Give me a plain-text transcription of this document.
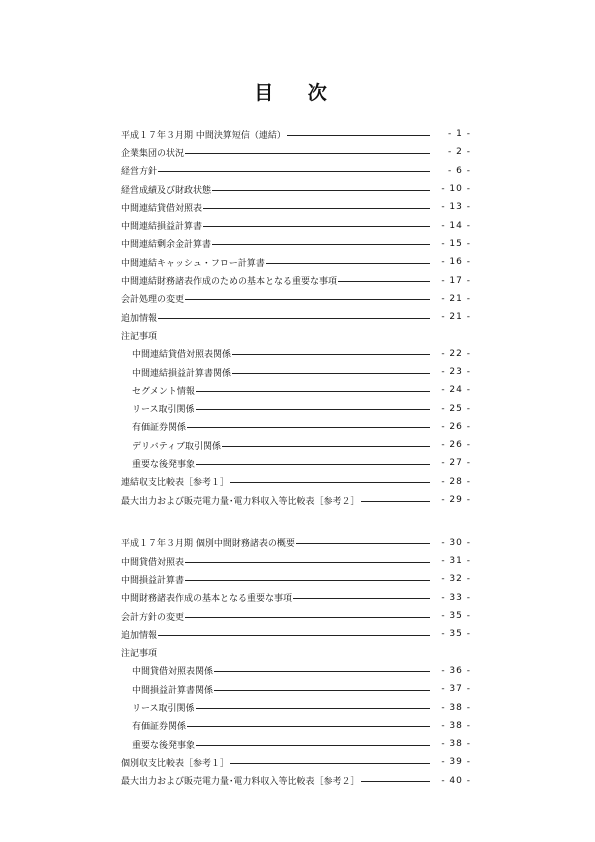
目 次
平成１７年３月期 中間決算短信（連結）	- 1 -
企業集団の状況	- 2 -
経営方針	- 6 -
経営成績及び財政状態	- 10 -
中間連結貸借対照表	- 13 -
中間連結損益計算書	- 14 -
中間連結剰余金計算書	- 15 -
中間連結キャッシュ・フロー計算書	- 16 -
中間連結財務諸表作成のための基本となる重要な事項	- 17 -
会計処理の変更	- 21 -
追加情報	- 21 -
注記事項
中間連結貸借対照表関係	- 22 -
中間連結損益計算書関係	- 23 -
セグメント情報	- 24 -
リース取引関係	- 25 -
有価証券関係	- 26 -
デリバティブ取引関係	- 26 -
重要な後発事象	- 27 -
連結収支比較表［参考１］	- 28 -
最大出力および販売電力量･電力料収入等比較表［参考２］	- 29 -
平成１７年３月期 個別中間財務諸表の概要	- 30 -
中間貸借対照表	- 31 -
中間損益計算書	- 32 -
中間財務諸表作成の基本となる重要な事項	- 33 -
会計方針の変更	- 35 -
追加情報	- 35 -
注記事項
中間貸借対照表関係	- 36 -
中間損益計算書関係	- 37 -
リース取引関係	- 38 -
有価証券関係	- 38 -
重要な後発事象	- 38 -
個別収支比較表［参考１］	- 39 -
最大出力および販売電力量･電力料収入等比較表［参考２］	- 40 -
